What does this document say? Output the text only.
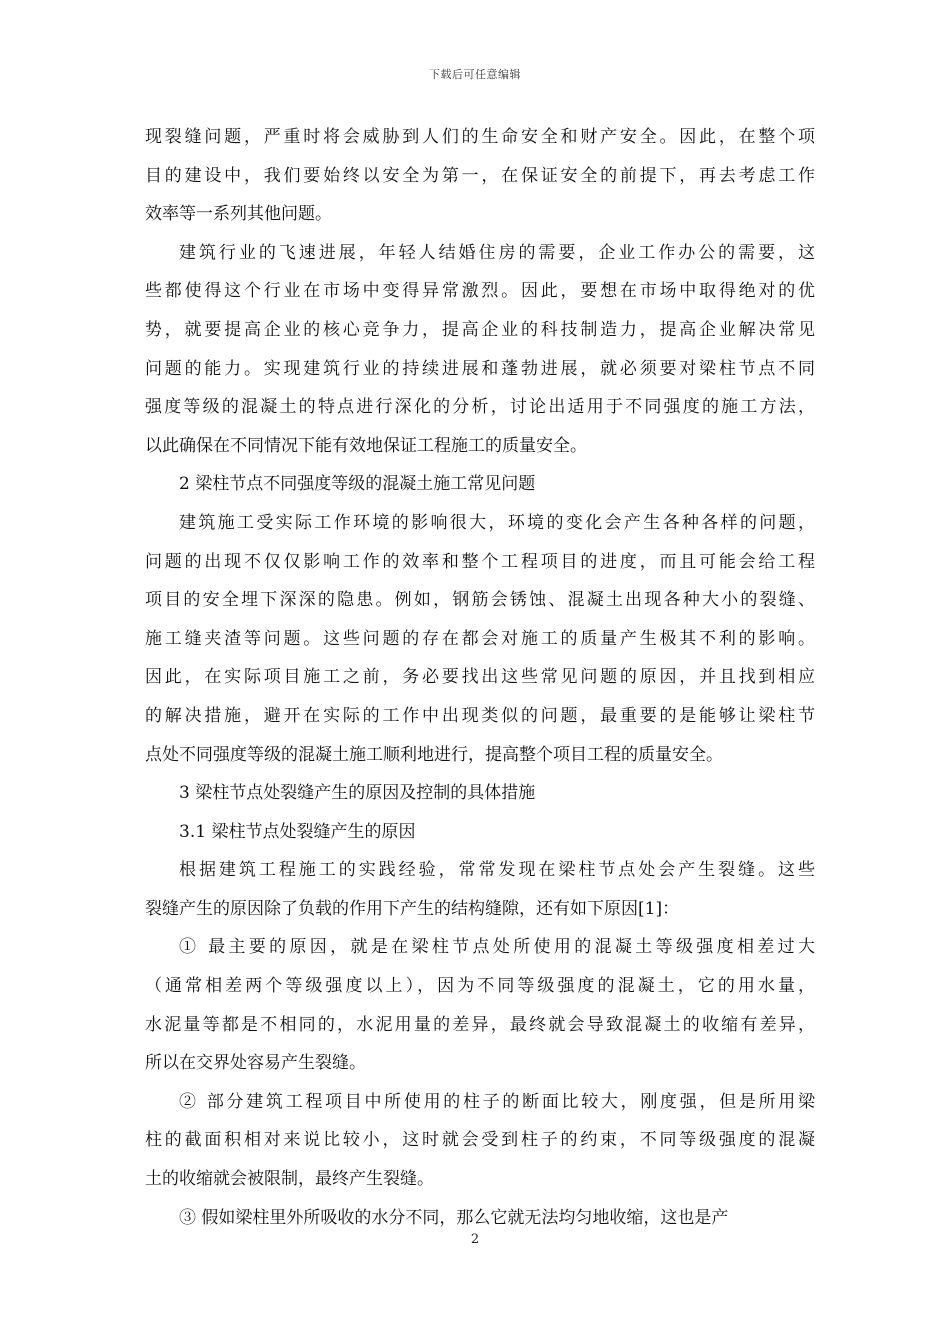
下载后可任意编辑
现裂缝问题，严重时将会威胁到人们的生命安全和财产安全。因此，在整个项
目的建设中，我们要始终以安全为第一，在保证安全的前提下，再去考虑工作
效率等一系列其他问题。
建筑行业的飞速进展，年轻人结婚住房的需要，企业工作办公的需要，这
些都使得这个行业在市场中变得异常激烈。因此，要想在市场中取得绝对的优
势，就要提高企业的核心竞争力，提高企业的科技制造力，提高企业解决常见
问题的能力。实现建筑行业的持续进展和蓬勃进展，就必须要对梁柱节点不同
强度等级的混凝土的特点进行深化的分析，讨论出适用于不同强度的施工方法，
以此确保在不同情况下能有效地保证工程施工的质量安全。
2 梁柱节点不同强度等级的混凝土施工常见问题
建筑施工受实际工作环境的影响很大，环境的变化会产生各种各样的问题，
问题的出现不仅仅影响工作的效率和整个工程项目的进度，而且可能会给工程
项目的安全埋下深深的隐患。例如，钢筋会锈蚀、混凝土出现各种大小的裂缝、
施工缝夹渣等问题。这些问题的存在都会对施工的质量产生极其不利的影响。
因此，在实际项目施工之前，务必要找出这些常见问题的原因，并且找到相应
的解决措施，避开在实际的工作中出现类似的问题，最重要的是能够让梁柱节
点处不同强度等级的混凝土施工顺利地进行，提高整个项目工程的质量安全。
3 梁柱节点处裂缝产生的原因及控制的具体措施
3.1 梁柱节点处裂缝产生的原因
根据建筑工程施工的实践经验，常常发现在梁柱节点处会产生裂缝。这些
裂缝产生的原因除了负载的作用下产生的结构缝隙，还有如下原因[1]：
① 最主要的原因，就是在梁柱节点处所使用的混凝土等级强度相差过大
（通常相差两个等级强度以上），因为不同等级强度的混凝土，它的用水量，
水泥量等都是不相同的，水泥用量的差异，最终就会导致混凝土的收缩有差异，
所以在交界处容易产生裂缝。
② 部分建筑工程项目中所使用的柱子的断面比较大，刚度强，但是所用梁
柱的截面积相对来说比较小，这时就会受到柱子的约束，不同等级强度的混凝
土的收缩就会被限制，最终产生裂缝。
③ 假如梁柱里外所吸收的水分不同，那么它就无法均匀地收缩，这也是产
2
